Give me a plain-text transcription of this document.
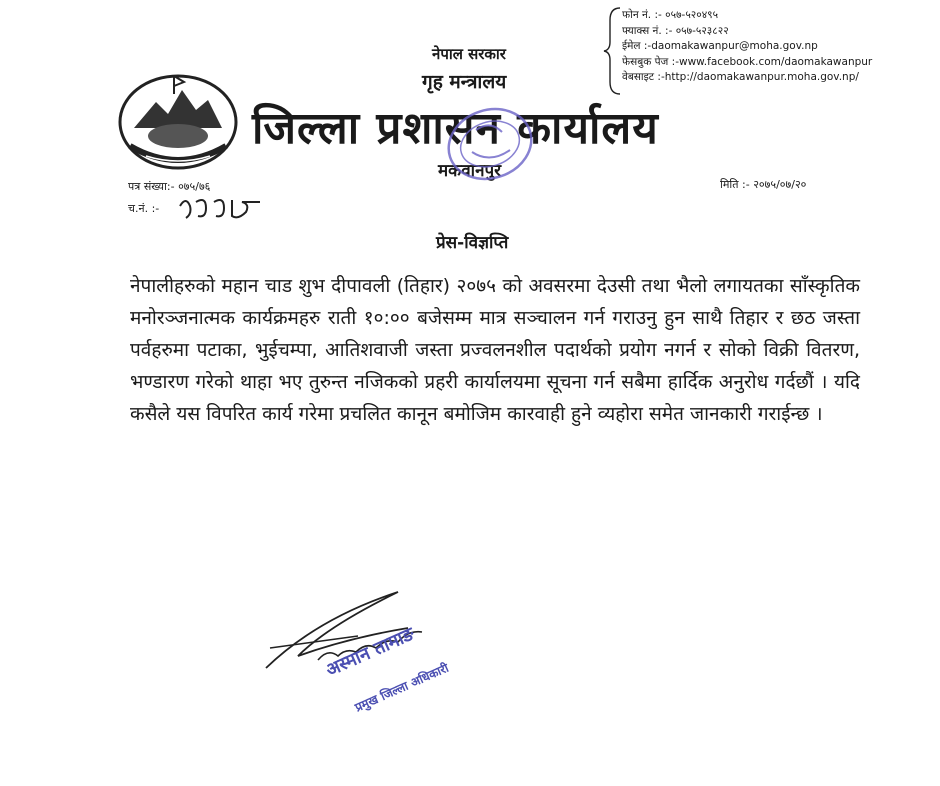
नेपाल सरकार
गृह मन्त्रालय
जिल्ला प्रशासन कार्यालय
मकवानपुर
फोन नं. :- ०५७-५२०४९५
फ्याक्स नं. :- ०५७-५२३८२२
ईमेल :-daomakawanpur@moha.gov.np
फेसबुक पेज :-www.facebook.com/daomakawanpur
वेबसाइट :-http://daomakawanpur.moha.gov.np/
पत्र संख्या:- ०७५/७६
च.नं. :-
मिति :- २०७५/०७/२०
प्रेस-विज्ञप्ति
नेपालीहरुको महान चाड शुभ दीपावली (तिहार) २०७५ को अवसरमा देउसी तथा भैलो लगायतका साँस्कृतिक मनोरञ्जनात्मक कार्यक्रमहरु राती १०:०० बजेसम्म मात्र सञ्चालन गर्न गराउनु हुन साथै तिहार र छठ जस्ता पर्वहरुमा पटाका, भुईचम्पा, आतिशवाजी जस्ता प्रज्वलनशील पदार्थको प्रयोग नगर्न र सोको विक्री वितरण, भण्डारण गरेको थाहा भए तुरुन्त नजिकको प्रहरी कार्यालयमा सूचना गर्न सबैमा हार्दिक अनुरोध गर्दछौं । यदि कसैले यस विपरित कार्य गरेमा प्रचलित कानून बमोजिम कारवाही हुने व्यहोरा समेत जानकारी गराईन्छ ।
अस्मान तामाङ
प्रमुख जिल्ला अधिकारी
